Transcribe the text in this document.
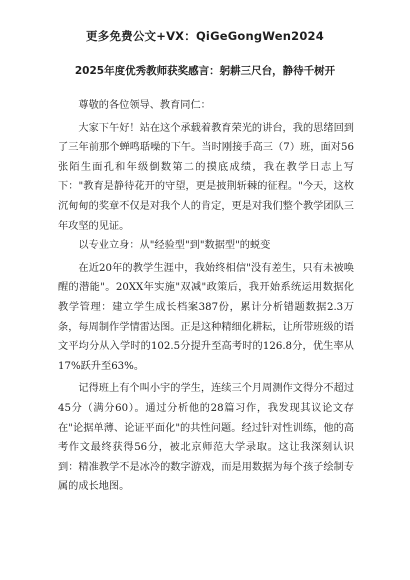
更多免费公文+VX：QiGeGongWen2024
2025年度优秀教师获奖感言：躬耕三尺台，静待千树开

尊敬的各位领导、教育同仁：

大家下午好！站在这个承载着教育荣光的讲台，我的思绪回到了三年前那个蝉鸣聒噪的下午。当时刚接手高三（7）班，面对56张陌生面孔和年级倒数第二的摸底成绩，我在教学日志上写下："教育是静待花开的守望，更是披荆斩棘的征程。"今天，这枚沉甸甸的奖章不仅是对我个人的肯定，更是对我们整个教学团队三年攻坚的见证。

以专业立身：从"经验型"到"数据型"的蜕变

在近20年的教学生涯中，我始终相信"没有差生，只有未被唤醒的潜能"。20XX年实施"双减"政策后，我开始系统运用数据化教学管理：建立学生成长档案387份，累计分析错题数据2.3万条，每周制作学情雷达图。正是这种精细化耕耘，让所带班级的语文平均分从入学时的102.5分提升至高考时的126.8分，优生率从17%跃升至63%。

记得班上有个叫小宇的学生，连续三个月周测作文得分不超过45分（满分60）。通过分析他的28篇习作，我发现其议论文存在"论据单薄、论证平面化"的共性问题。经过针对性训练，他的高考作文最终获得56分，被北京师范大学录取。这让我深刻认识到：精准教学不是冰冷的数字游戏，而是用数据为每个孩子绘制专属的成长地图。
